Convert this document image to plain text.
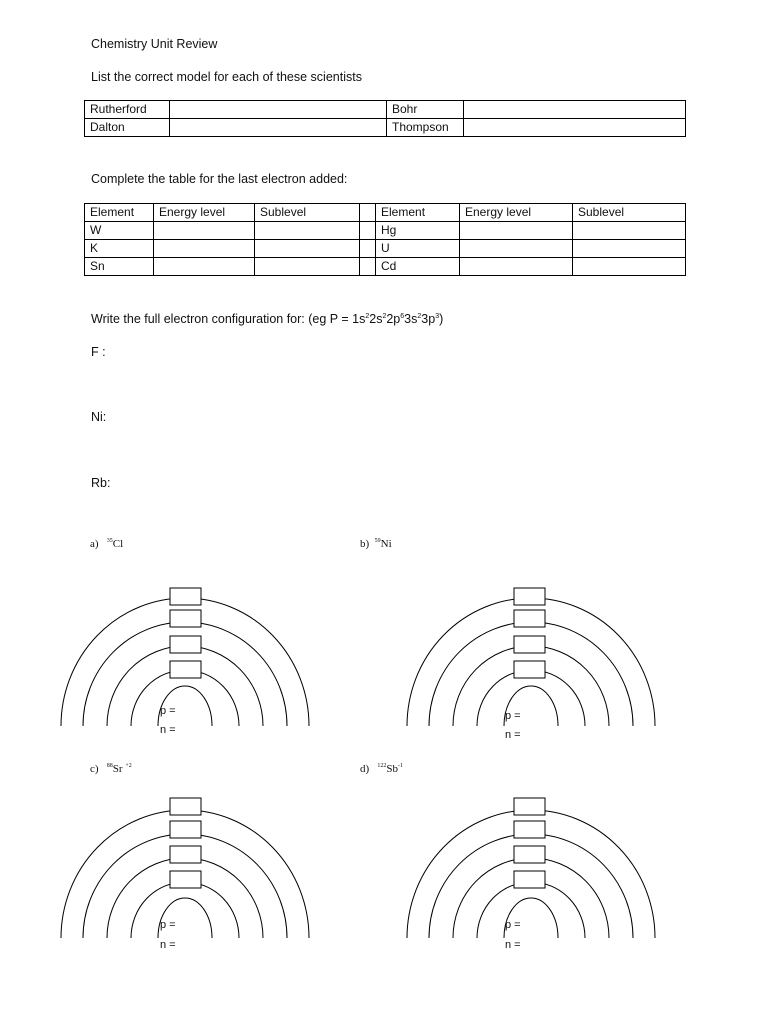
Chemistry Unit Review
List the correct model for each of these scientists
Rutherford		Bohr	
Dalton		Thompson	
Complete the table for the last electron added:
Element	Energy level	Sublevel		Element	Energy level	Sublevel
W				Hg		
K				U		
Sn				Cd		
Write the full electron configuration for: (eg $P = 1s^22s^22p^63s^23p^3$)
F :
Ni:
Rb:
a) $^{35}$Cl	b) $^{59}$Ni
c) $^{88}$Sr $^{+2}$	d) $^{122}Sb^{-1}$
p =
n =
p =
n =
p =
n =
p =
n =
